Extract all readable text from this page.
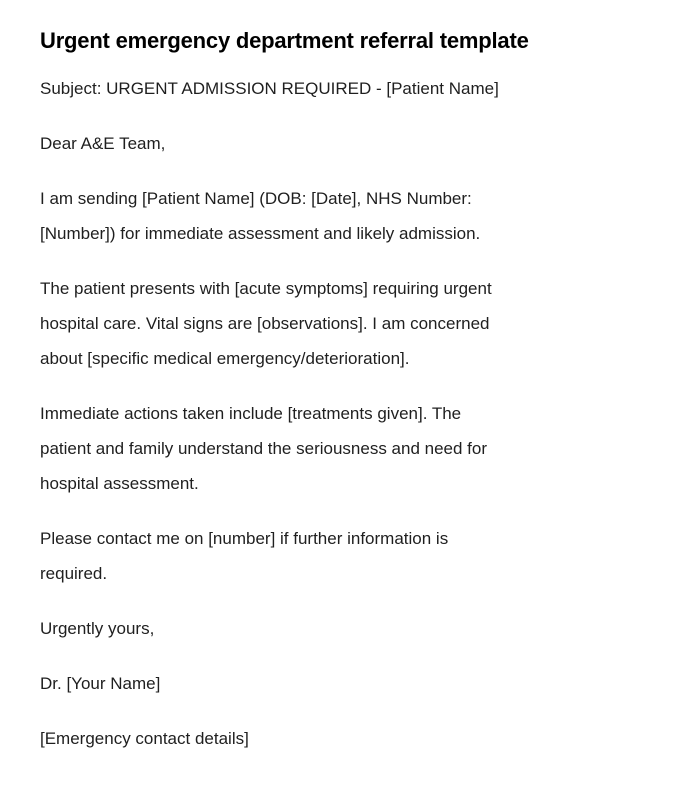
Urgent emergency department referral template

Subject: URGENT ADMISSION REQUIRED - [Patient Name]

Dear A&E Team,

I am sending [Patient Name] (DOB: [Date], NHS Number:
[Number]) for immediate assessment and likely admission.

The patient presents with [acute symptoms] requiring urgent
hospital care. Vital signs are [observations]. I am concerned
about [specific medical emergency/deterioration].

Immediate actions taken include [treatments given]. The
patient and family understand the seriousness and need for
hospital assessment.

Please contact me on [number] if further information is
required.

Urgently yours,

Dr. [Your Name]

[Emergency contact details]
